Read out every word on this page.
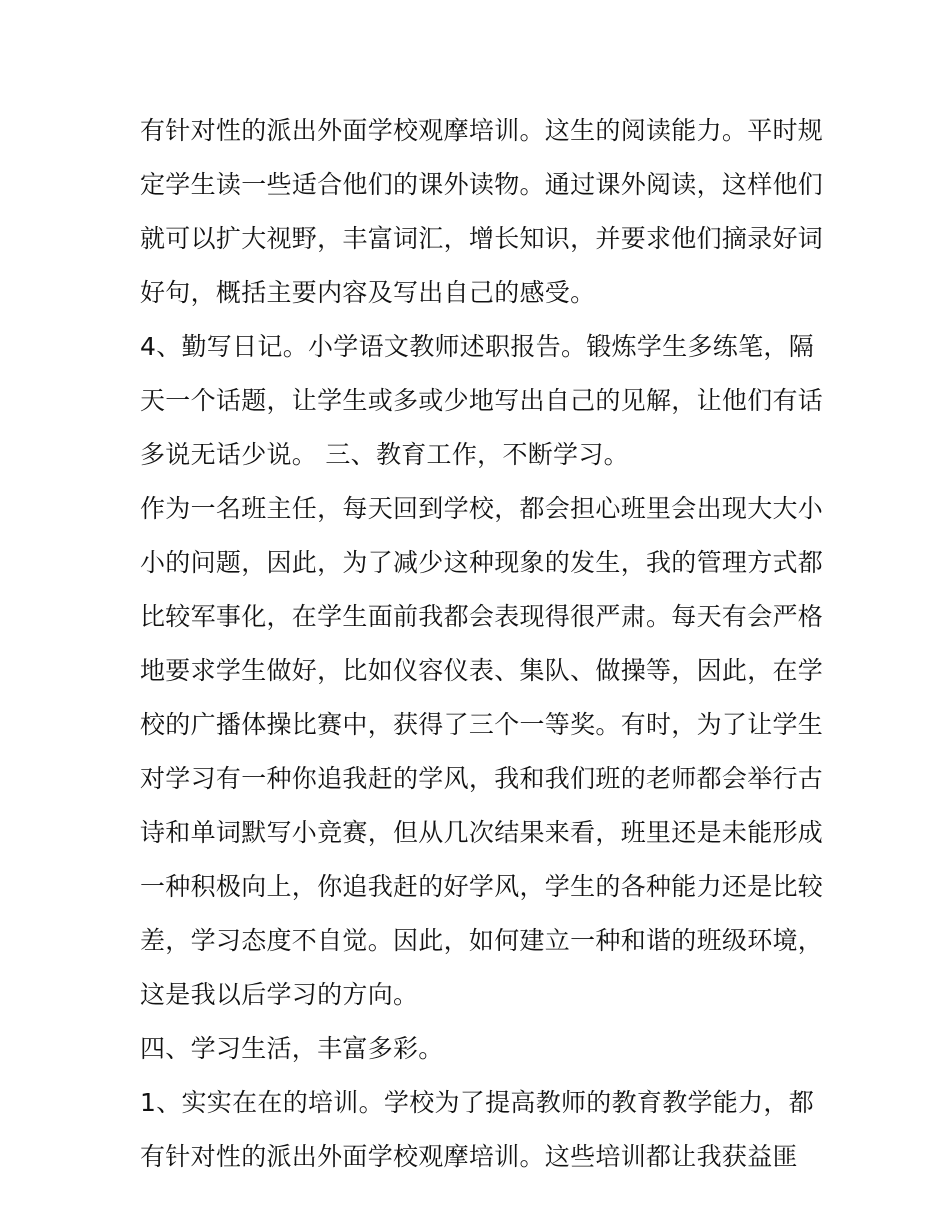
有针对性的派出外面学校观摩培训。这生的阅读能力。平时规
定学生读一些适合他们的课外读物。通过课外阅读，这样他们
就可以扩大视野，丰富词汇，增长知识，并要求他们摘录好词
好句，概括主要内容及写出自己的感受。
4、勤写日记。小学语文教师述职报告。锻炼学生多练笔，隔
天一个话题，让学生或多或少地写出自己的见解，让他们有话
多说无话少说。 三、教育工作，不断学习。
作为一名班主任，每天回到学校，都会担心班里会出现大大小
小的问题，因此，为了减少这种现象的发生，我的管理方式都
比较军事化，在学生面前我都会表现得很严肃。每天有会严格
地要求学生做好，比如仪容仪表、集队、做操等，因此，在学
校的广播体操比赛中，获得了三个一等奖。有时，为了让学生
对学习有一种你追我赶的学风，我和我们班的老师都会举行古
诗和单词默写小竞赛，但从几次结果来看，班里还是未能形成
一种积极向上，你追我赶的好学风，学生的各种能力还是比较
差，学习态度不自觉。因此，如何建立一种和谐的班级环境，
这是我以后学习的方向。
四、学习生活，丰富多彩。
1、实实在在的培训。学校为了提高教师的教育教学能力，都
有针对性的派出外面学校观摩培训。这些培训都让我获益匪
